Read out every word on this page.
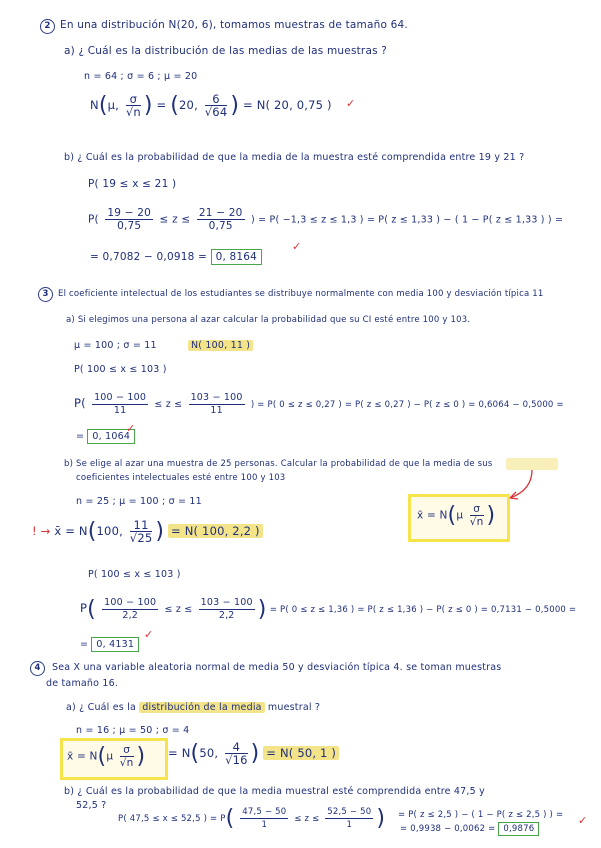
2 En una distribución N(20, 6), tomamos muestras de tamaño 64.
a) ¿ Cuál es la distribución de las medias de las muestras ?
n = 64 ; σ = 6 ; μ = 20
N(μ, $\frac{\sigma}{√n}$ ) = (20, $\frac{6}{√64}$ ) = N( 20, 0,75 ) ✓
b) ¿ Cuál es la probabilidad de que la media de la muestra esté comprendida entre 19 y 21 ?
P( 19 ≤ x ≤ 21 )
$P( \frac{19 - 20}{0,75} \le z \le \frac{21 - 20}{0,75}$ ) = P( −1,3 ≤ z ≤ 1,3 ) = P( z ≤ 1,33 ) − ( 1 − P( z ≤ 1,33 ) ) =
= 0,7082 − 0,0918 = 0, 8164
✓
3	El coeficiente intelectual de los estudiantes se distribuye normalmente con media 100 y desviación típica 11
a) Si elegimos una persona al azar calcular la probabilidad que su CI esté entre 100 y 103.
μ = 100 ; σ = 11	N( 100, 11 )
P( 100 ≤ x ≤ 103 )
$P( \frac{100 - 100}{11} \le z \le \frac{103 - 100}{11}$ ) = P( 0 ≤ z ≤ 0,27 ) = P( z ≤ 0,27 ) − P( z ≤ 0 ) = 0,6064 − 0,5000 =
= 0, 1064
✓
b) Se elige al azar una muestra de 25 personas. Calcular la probabilidad de que la media de sus
coeficientes intelectuales esté entre 100 y 103
n = 25 ; μ = 100 ; σ = 11
! → x̄ = N(100, $\frac{11}{√25}$ ) = N( 100, 2,2 )
x̄ = $N(\mu \frac{\sigma}{√n}$ )
P( 100 ≤ x ≤ 103 )
$P( \frac{100 - 100}{2,2} \le z \le \frac{103 - 100}{2,2}$ ) = P( 0 ≤ z ≤ 1,36 ) = P( z ≤ 1,36 ) − P( z ≤ 0 ) = 0,7131 − 0,5000 =
= 0, 4131
✓
4	Sea X una variable aleatoria normal de media 50 y desviación típica 4. se toman muestras
de tamaño 16.
a) ¿ Cuál es la distribución de la media muestral ?
n = 16 ; μ = 50 ; σ = 4
x̄ = $N(\mu \frac{\sigma}{√n}$ ) = N(50, $\frac{4}{√16}$ ) = N( 50, 1 )
b) ¿ Cuál es la probabilidad de que la media muestral esté comprendida entre 47,5 y
52,5 ?
P( 47,5 ≤ x ≤ 52,5 ) = $P( \frac{47,5 - 50}{1} \le z \le \frac{52,5 - 50}{1}$ ) = P( z ≤ 2,5 ) − ( 1 − P( z ≤ 2,5 ) ) =
= 0,9938 − 0,0062 = 0,9876
✓
